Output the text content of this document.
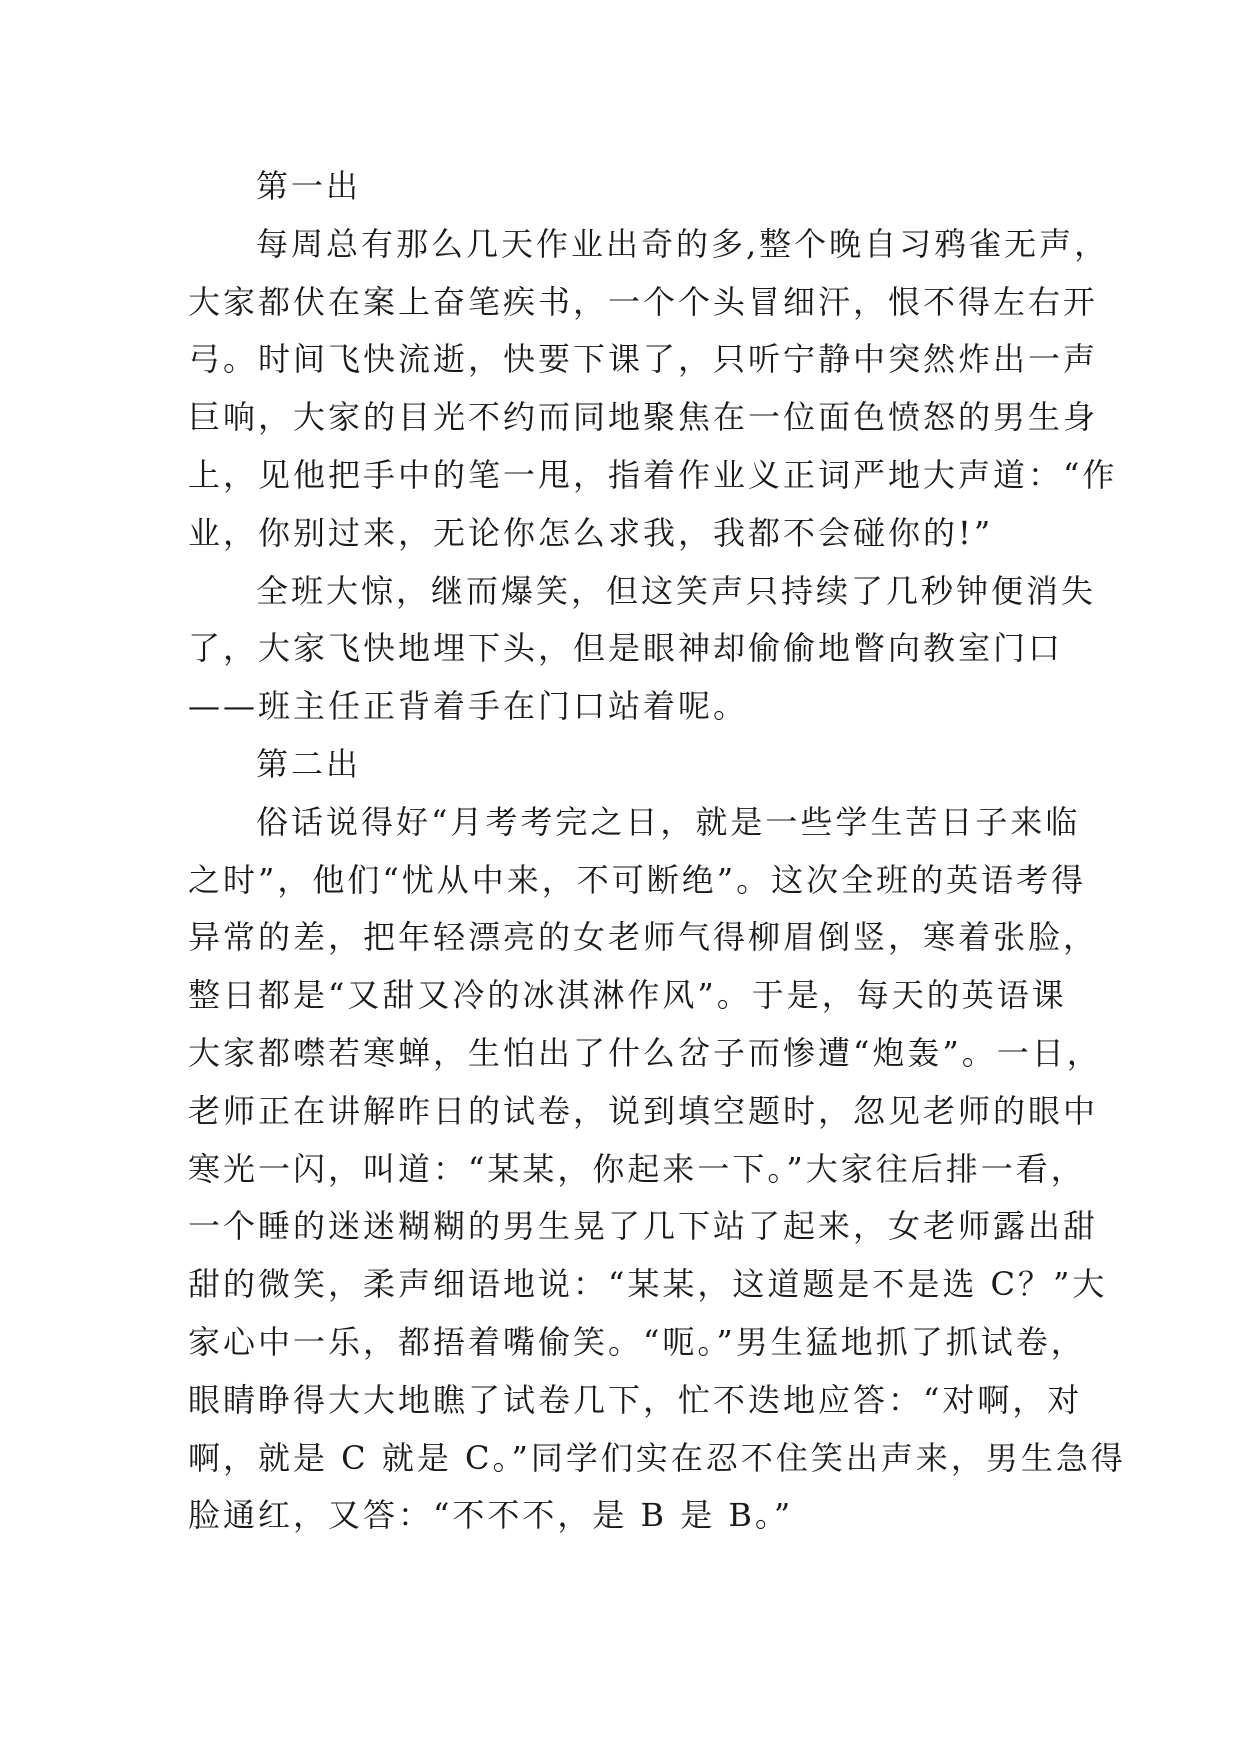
第一出
每周总有那么几天作业出奇的多,整个晚自习鸦雀无声，
大家都伏在案上奋笔疾书，一个个头冒细汗，恨不得左右开
弓。时间飞快流逝，快要下课了，只听宁静中突然炸出一声
巨响，大家的目光不约而同地聚焦在一位面色愤怒的男生身
上，见他把手中的笔一甩，指着作业义正词严地大声道：“作
业，你别过来，无论你怎么求我，我都不会碰你的!”
全班大惊，继而爆笑，但这笑声只持续了几秒钟便消失
了，大家飞快地埋下头，但是眼神却偷偷地瞥向教室门口
——班主任正背着手在门口站着呢。
第二出
俗话说得好“月考考完之日，就是一些学生苦日子来临
之时”，他们“忧从中来，不可断绝”。这次全班的英语考得
异常的差，把年轻漂亮的女老师气得柳眉倒竖，寒着张脸，
整日都是“又甜又冷的冰淇淋作风”。于是，每天的英语课
大家都噤若寒蝉，生怕出了什么岔子而惨遭“炮轰”。一日，
老师正在讲解昨日的试卷，说到填空题时，忽见老师的眼中
寒光一闪，叫道：“某某，你起来一下。”大家往后排一看，
一个睡的迷迷糊糊的男生晃了几下站了起来，女老师露出甜
甜的微笑，柔声细语地说：“某某，这道题是不是选 C？”大
家心中一乐，都捂着嘴偷笑。“呃。”男生猛地抓了抓试卷，
眼睛睁得大大地瞧了试卷几下，忙不迭地应答：“对啊，对
啊，就是 C 就是 C。”同学们实在忍不住笑出声来，男生急得
脸通红，又答：“不不不，是 B 是 B。”
